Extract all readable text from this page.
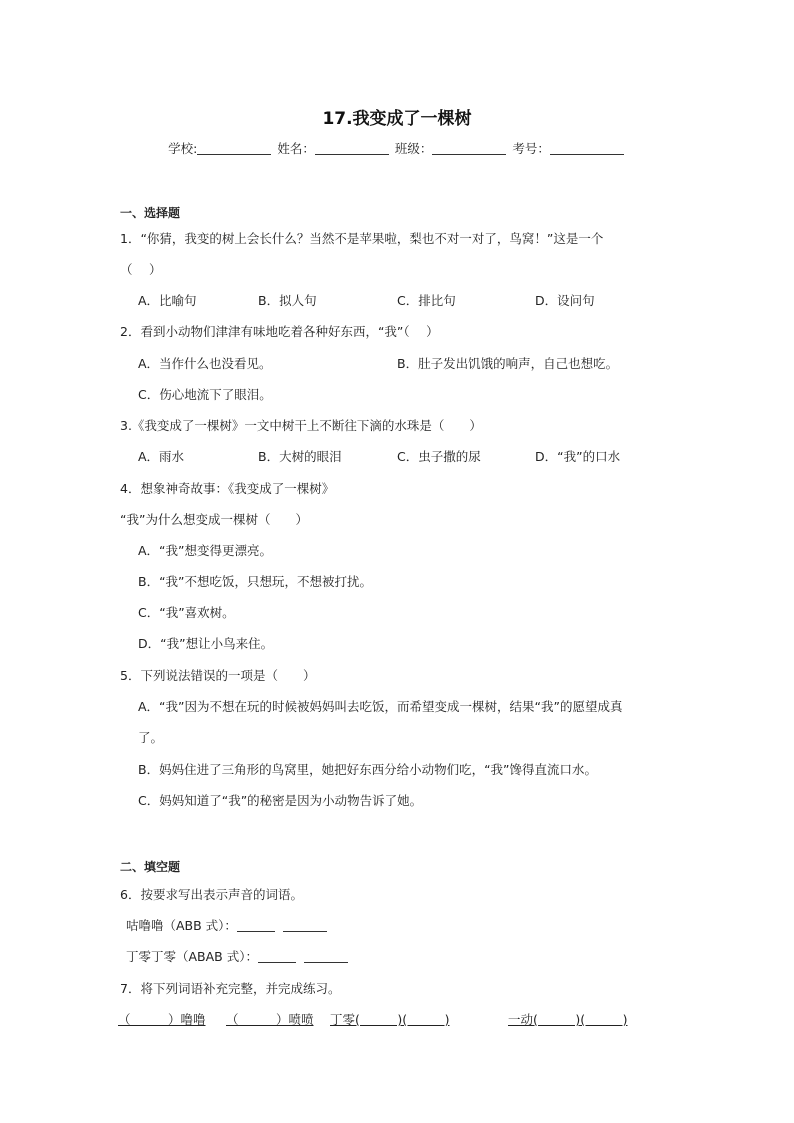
17.我变成了一棵树
学校:	姓名：	班级：	考号：
一、选择题
1．“你猜，我变的树上会长什么？当然不是苹果啦，梨也不对一对了，鸟窝！”这是一个
（　 ）
A．比喻句	B．拟人句	C．排比句	D．设问句
2．看到小动物们津津有味地吃着各种好东西，“我”（　 ）
A．当作什么也没看见。	B．肚子发出饥饿的响声，自己也想吃。
C．伤心地流下了眼泪。
3.《我变成了一棵树》一文中树干上不断往下滴的水珠是（　　）
A．雨水	B．大树的眼泪	C．虫子撒的尿	D．“我”的口水
4．想象神奇故事：《我变成了一棵树》
“我”为什么想变成一棵树（　　）
A．“我”想变得更漂亮。
B．“我”不想吃饭，只想玩，不想被打扰。
C．“我”喜欢树。
D．“我”想让小鸟来住。
5．下列说法错误的一项是（　　）
A．“我”因为不想在玩的时候被妈妈叫去吃饭，而希望变成一棵树，结果“我”的愿望成真
了。
B．妈妈住进了三角形的鸟窝里，她把好东西分给小动物们吃，“我”馋得直流口水。
C．妈妈知道了“我”的秘密是因为小动物告诉了她。
二、填空题
6．按要求写出表示声音的词语。
咕噜噜（ABB 式）：
丁零丁零（ABAB 式）：
7．将下列词语补充完整，并完成练习。
（　　　）噜噜 （　　　）喷喷 丁零(　　　)(　　　)	一动(　　　)(　　　)
